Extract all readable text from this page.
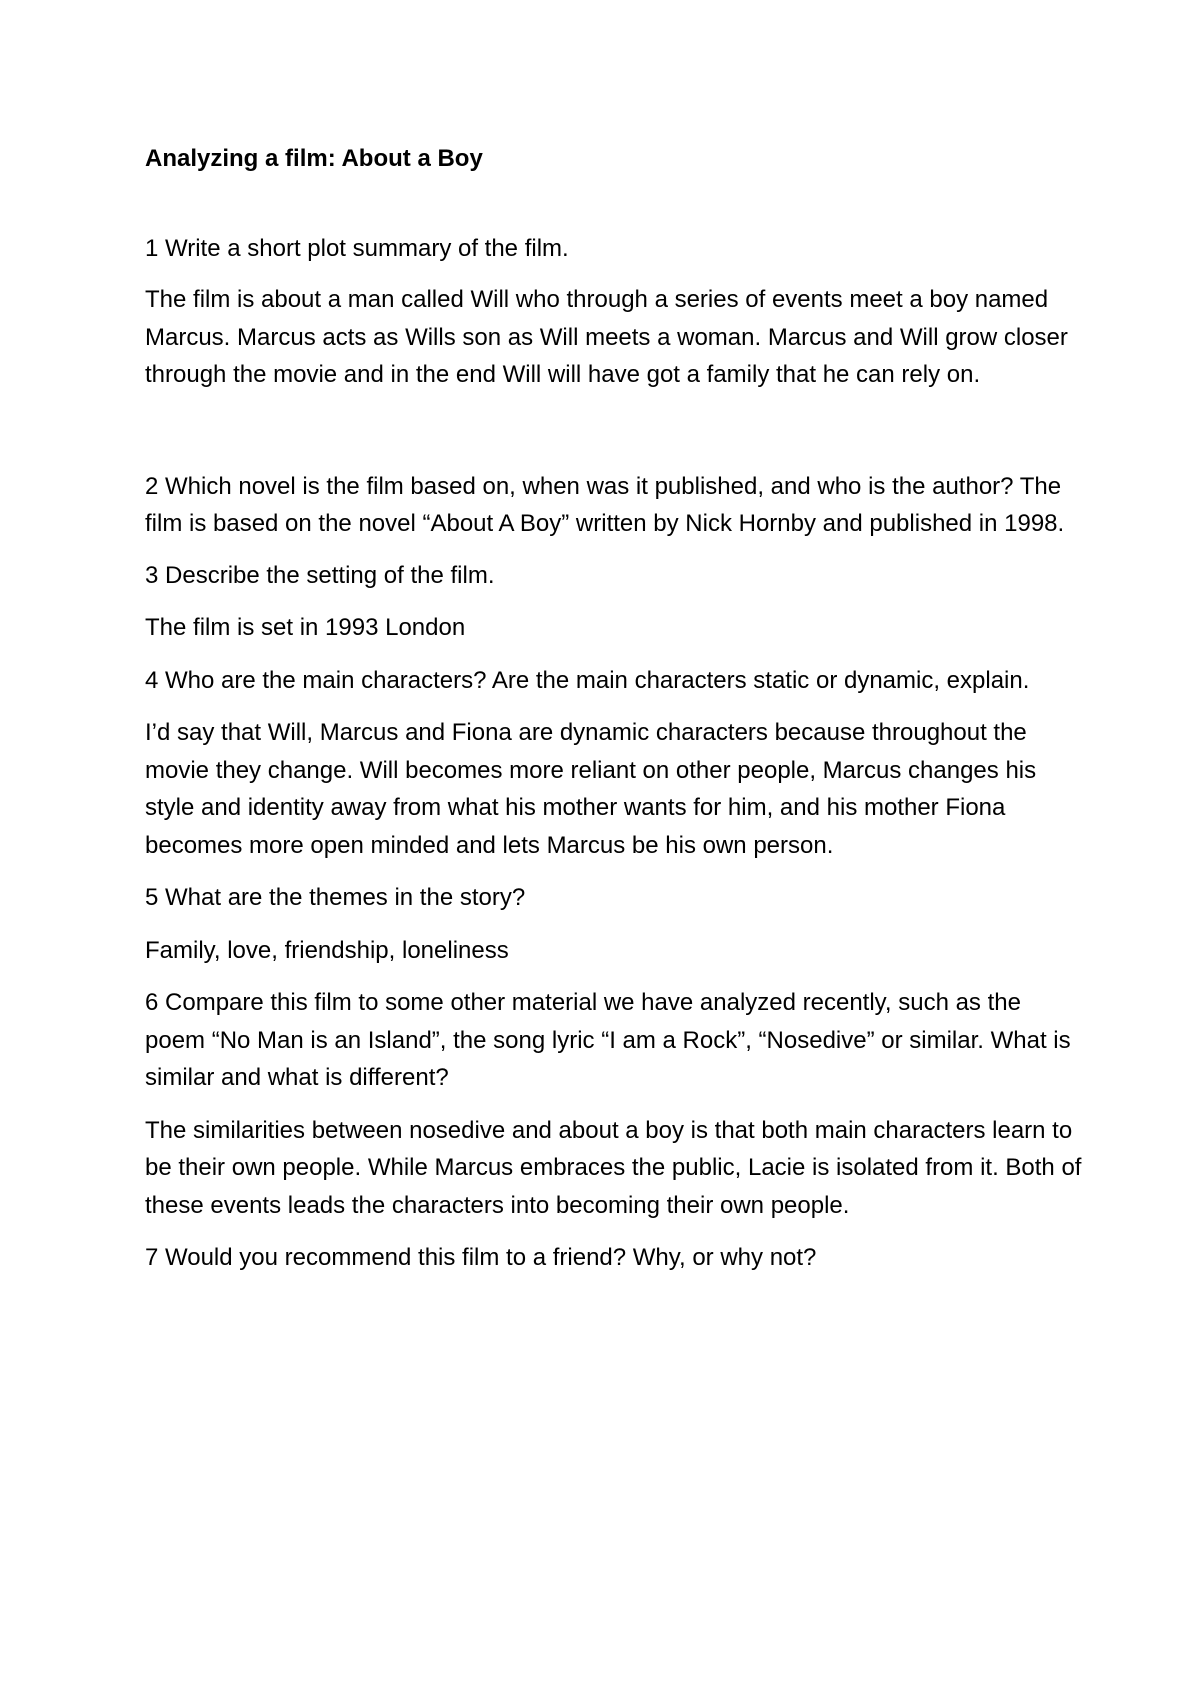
Analyzing a film: About a Boy

1 Write a short plot summary of the film.

The film is about a man called Will who through a series of events meet a boy named Marcus. Marcus acts as Wills son as Will meets a woman. Marcus and Will grow closer through the movie and in the end Will will have got a family that he can rely on.

2 Which novel is the film based on, when was it published, and who is the author? The film is based on the novel “About A Boy” written by Nick Hornby and published in 1998.

3 Describe the setting of the film.

The film is set in 1993 London

4 Who are the main characters? Are the main characters static or dynamic, explain.

I’d say that Will, Marcus and Fiona are dynamic characters because throughout the movie they change. Will becomes more reliant on other people, Marcus changes his style and identity away from what his mother wants for him, and his mother Fiona becomes more open minded and lets Marcus be his own person.

5 What are the themes in the story?

Family, love, friendship, loneliness

6 Compare this film to some other material we have analyzed recently, such as the poem “No Man is an Island”, the song lyric “I am a Rock”, “Nosedive” or similar. What is similar and what is different?

The similarities between nosedive and about a boy is that both main characters learn to be their own people. While Marcus embraces the public, Lacie is isolated from it. Both of these events leads the characters into becoming their own people.

7 Would you recommend this film to a friend? Why, or why not?
